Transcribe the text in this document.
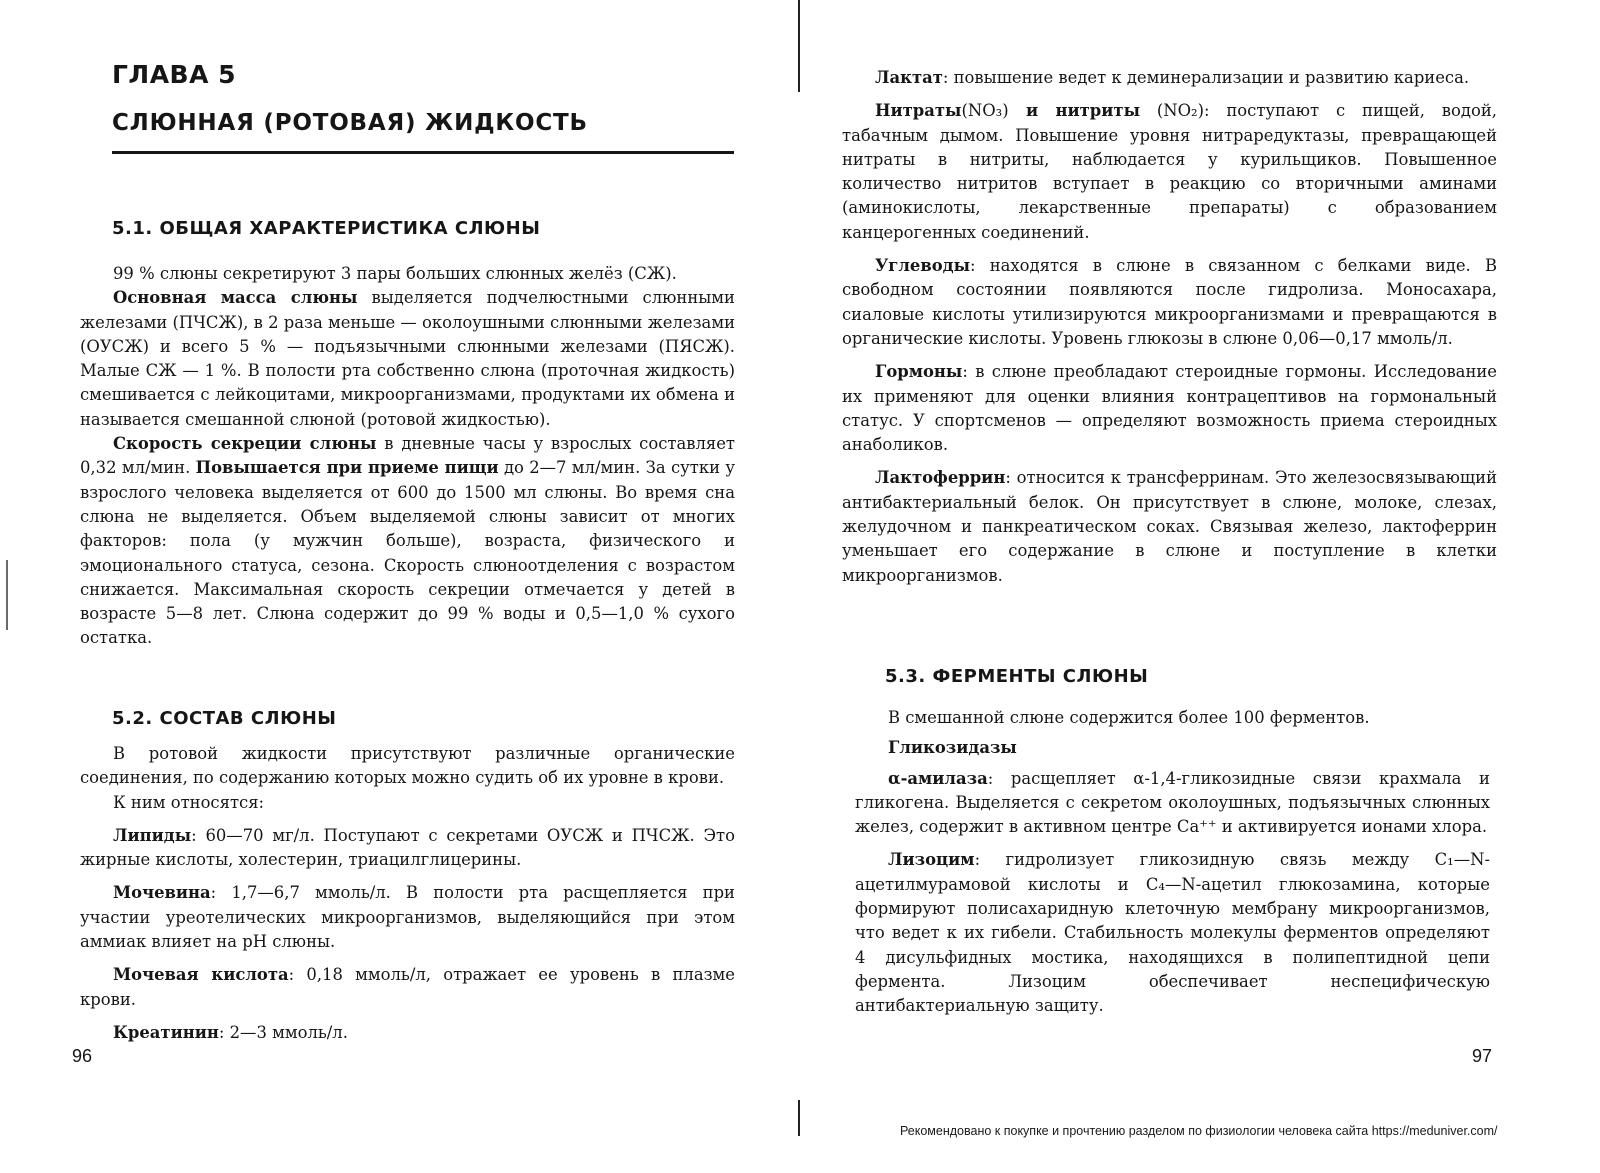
ГЛАВА 5
СЛЮННАЯ (РОТОВАЯ) ЖИДКОСТЬ
5.1. ОБЩАЯ ХАРАКТЕРИСТИКА СЛЮНЫ

99 % слюны секретируют 3 пары больших слюнных желёз (СЖ).

Основная масса слюны выделяется подчелюстными слюнными железами (ПЧСЖ), в 2 раза меньше — околоушными слюнными железами (ОУСЖ) и всего 5 % — подъязычными слюнными железами (ПЯСЖ). Малые СЖ — 1 %. В полости рта собственно слюна (проточная жидкость) смешивается с лейкоцитами, микроорганизмами, продуктами их обмена и называется смешанной слюной (ротовой жидкостью).

Скорость секреции слюны в дневные часы у взрослых составляет 0,32 мл/мин. Повышается при приеме пищи до 2—7 мл/мин. За сутки у взрослого человека выделяется от 600 до 1500 мл слюны. Во время сна слюна не выделяется. Объем выделяемой слюны зависит от многих факторов: пола (у мужчин больше), возраста, физического и эмоционального статуса, сезона. Скорость слюноотделения с возрастом снижается. Максимальная скорость секреции отмечается у детей в возрасте 5—8 лет. Слюна содержит до 99 % воды и 0,5—1,0 % сухого остатка.

5.2. СОСТАВ СЛЮНЫ

В ротовой жидкости присутствуют различные органические соединения, по содержанию которых можно судить об их уровне в крови.

К ним относятся:

Липиды: 60—70 мг/л. Поступают с секретами ОУСЖ и ПЧСЖ. Это жирные кислоты, холестерин, триацилглицерины.

Мочевина: 1,7—6,7 ммоль/л. В полости рта расщепляется при участии уреотелических микроорганизмов, выделяющийся при этом аммиак влияет на pH слюны.

Мочевая кислота: 0,18 ммоль/л, отражает ее уровень в плазме крови.

Креатинин: 2—3 ммоль/л.

96

Лактат: повышение ведет к деминерализации и развитию кариеса.

Нитраты(NO₃) и нитриты (NO₂): поступают с пищей, водой, табачным дымом. Повышение уровня нитраредуктазы, превращающей нитраты в нитриты, наблюдается у курильщиков. Повышенное количество нитритов вступает в реакцию со вторичными аминами (аминокислоты, лекарственные препараты) с образованием канцерогенных соединений.

Углеводы: находятся в слюне в связанном с белками виде. В свободном состоянии появляются после гидролиза. Моносахара, сиаловые кислоты утилизируются микроорганизмами и превращаются в органические кислоты. Уровень глюкозы в слюне 0,06—0,17 ммоль/л.

Гормоны: в слюне преобладают стероидные гормоны. Исследование их применяют для оценки влияния контрацептивов на гормональный статус. У спортсменов — определяют возможность приема стероидных анаболиков.

Лактоферрин: относится к трансферринам. Это железосвязывающий антибактериальный белок. Он присутствует в слюне, молоке, слезах, желудочном и панкреатическом соках. Связывая железо, лактоферрин уменьшает его содержание в слюне и поступление в клетки микроорганизмов.

5.3. ФЕРМЕНТЫ СЛЮНЫ

В смешанной слюне содержится более 100 ферментов.

Гликозидазы

α-амилаза: расщепляет α-1,4-гликозидные связи крахмала и гликогена. Выделяется с секретом околоушных, подъязычных слюнных желез, содержит в активном центре Ca⁺⁺ и активируется ионами хлора.

Лизоцим: гидролизует гликозидную связь между C₁—N-ацетилмурамовой кислоты и C₄—N-ацетил глюкозамина, которые формируют полисахаридную клеточную мембрану микроорганизмов, что ведет к их гибели. Стабильность молекулы ферментов определяют 4 дисульфидных мостика, находящихся в полипептидной цепи фермента. Лизоцим обеспечивает неспецифическую антибактериальную защиту.

97
Рекомендовано к покупке и прочтению разделом по физиологии человека сайта https://meduniver.com/
